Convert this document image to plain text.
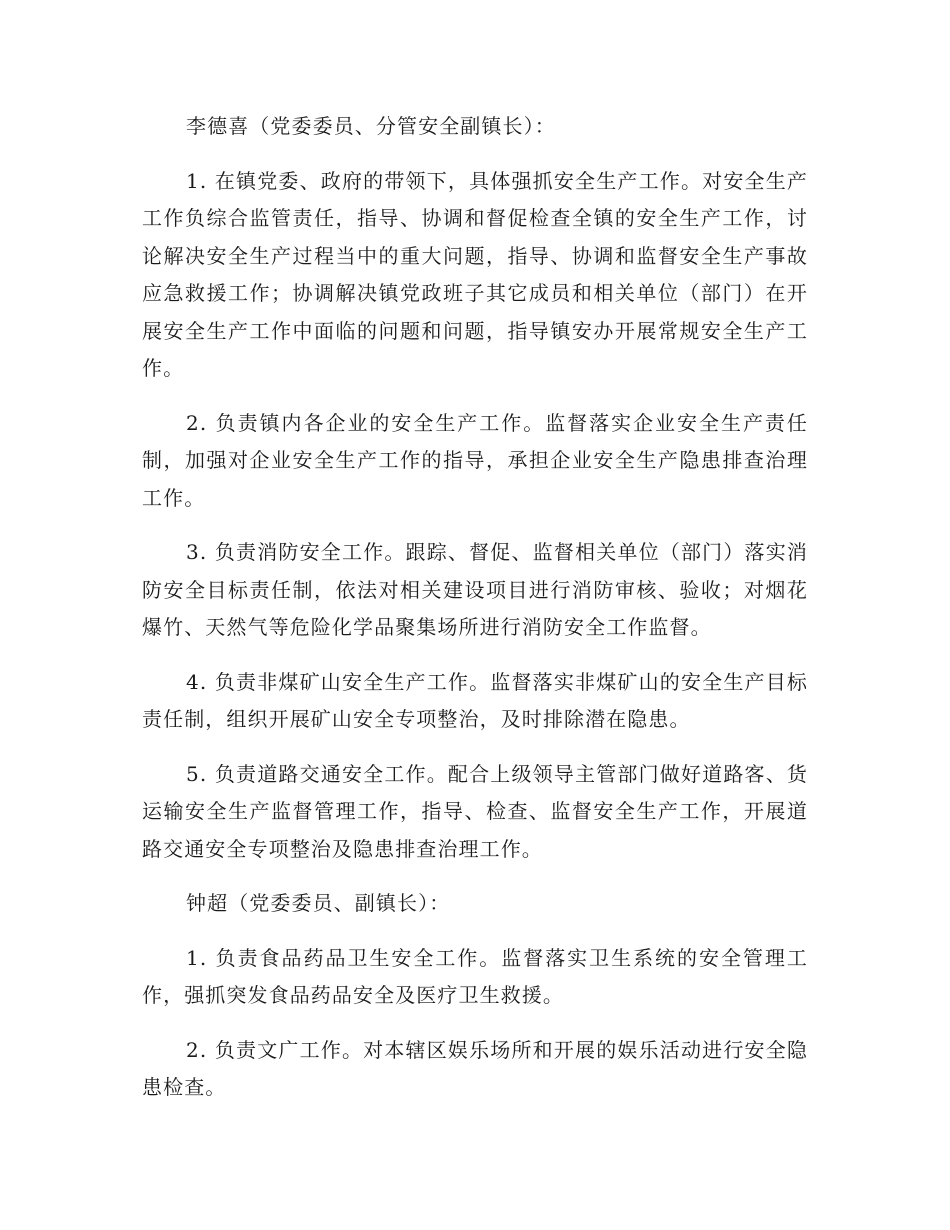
李德喜（党委委员、分管安全副镇长）：

1. 在镇党委、政府的带领下，具体强抓安全生产工作。对安全生产工作负综合监管责任，指导、协调和督促检查全镇的安全生产工作，讨论解决安全生产过程当中的重大问题，指导、协调和监督安全生产事故应急救援工作；协调解决镇党政班子其它成员和相关单位（部门）在开展安全生产工作中面临的问题和问题，指导镇安办开展常规安全生产工作。

2. 负责镇内各企业的安全生产工作。监督落实企业安全生产责任制，加强对企业安全生产工作的指导，承担企业安全生产隐患排查治理工作。

3. 负责消防安全工作。跟踪、督促、监督相关单位（部门）落实消防安全目标责任制，依法对相关建设项目进行消防审核、验收；对烟花爆竹、天然气等危险化学品聚集场所进行消防安全工作监督。

4. 负责非煤矿山安全生产工作。监督落实非煤矿山的安全生产目标责任制，组织开展矿山安全专项整治，及时排除潜在隐患。

5. 负责道路交通安全工作。配合上级领导主管部门做好道路客、货运输安全生产监督管理工作，指导、检查、监督安全生产工作，开展道路交通安全专项整治及隐患排查治理工作。

钟超（党委委员、副镇长）：

1. 负责食品药品卫生安全工作。监督落实卫生系统的安全管理工作，强抓突发食品药品安全及医疗卫生救援。

2. 负责文广工作。对本辖区娱乐场所和开展的娱乐活动进行安全隐患检查。
